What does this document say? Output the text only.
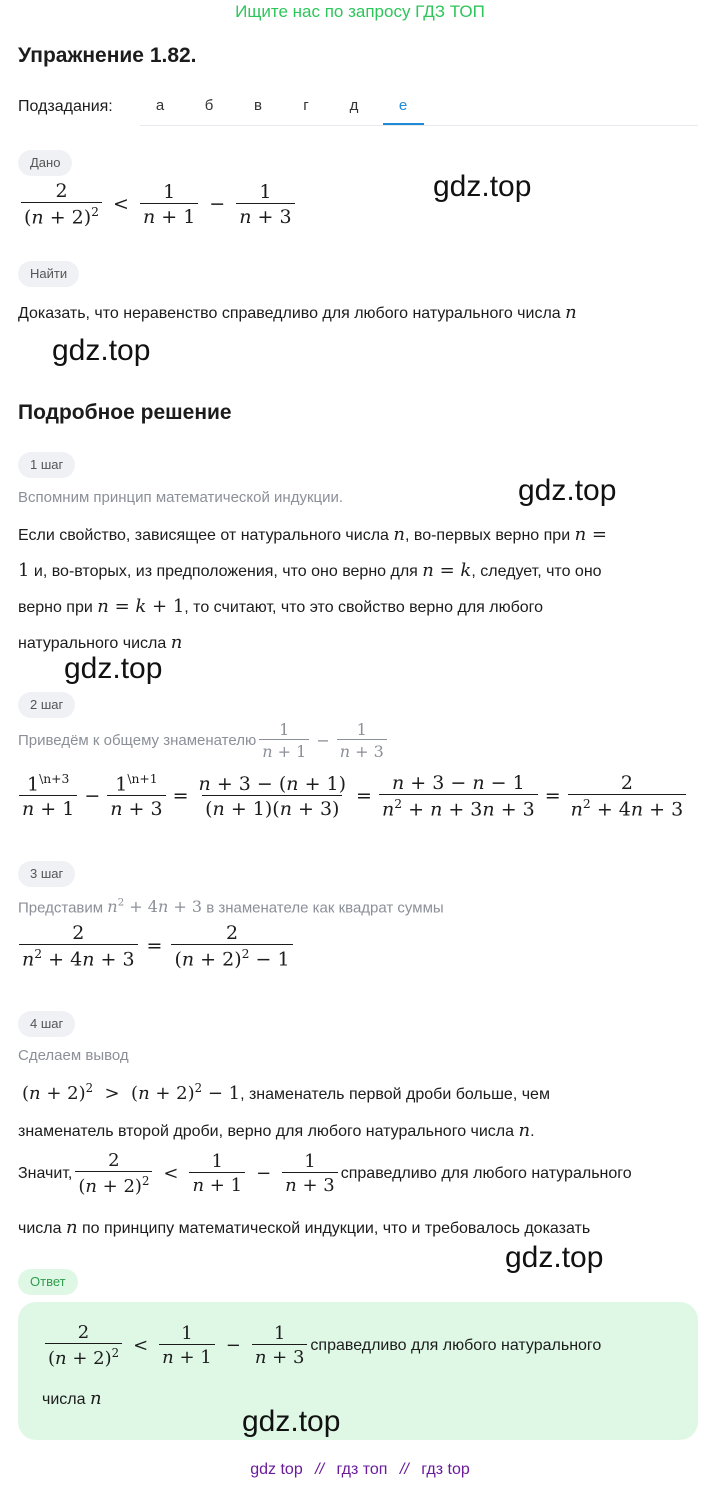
Ищите нас по запросу ГДЗ ТОП
Упражнение 1.82.
Подзадания:	а	б	в	г	д	е
Дано
$\frac{2}{(n + 2)^2} < \frac{1}{n + 1} - \frac{1}{n + 3}$	gdz.top
Найти
Доказать, что неравенство справедливо для любого натурального числа n
gdz.top
Подробное решение
1 шаг
Вспомним принцип математической индукции.	gdz.top
Если свойство, зависящее от натурального числа n, во-первых верно при n =
1 и, во-вторых, из предположения, что оно верно для n = k, следует, что оно
верно при n = k + 1, то считают, что это свойство верно для любого
натурального числа n
gdz.top
2 шаг
Приведём к общему знаменателю $\frac{1}{n + 1} - \frac{1}{n + 3}$
$\frac{1^{\backslash n+3}}{n + 1} - \frac{1^{\backslash n+1}}{n + 3} = \frac{n + 3 - (n + 1)}{(n + 1)(n + 3)} = \frac{n + 3 - n - 1}{n^2 + n + 3n + 3} = \frac{2}{n^2 + 4n + 3}$
3 шаг
Представим $n^2 + 4n + 3$ в знаменателе как квадрат суммы
$\frac{2}{n^2 + 4n + 3} = \frac{2}{(n + 2)^2 - 1}$
4 шаг
Сделаем вывод
$(n + 2)^2 > (n + 2)^2 - 1$, знаменатель первой дроби больше, чем
знаменатель второй дроби, верно для любого натурального числа n.
Значит, $\frac{2}{(n + 2)^2} < \frac{1}{n + 1} - \frac{1}{n + 3}$ справедливо для любого натурального
числа n по принципу математической индукции, что и требовалось доказать
gdz.top
Ответ
$\frac{2}{(n + 2)^2} < \frac{1}{n + 1} - \frac{1}{n + 3}$ справедливо для любого натурального
числа n
gdz.top
gdz top // гдз топ // гдз top
